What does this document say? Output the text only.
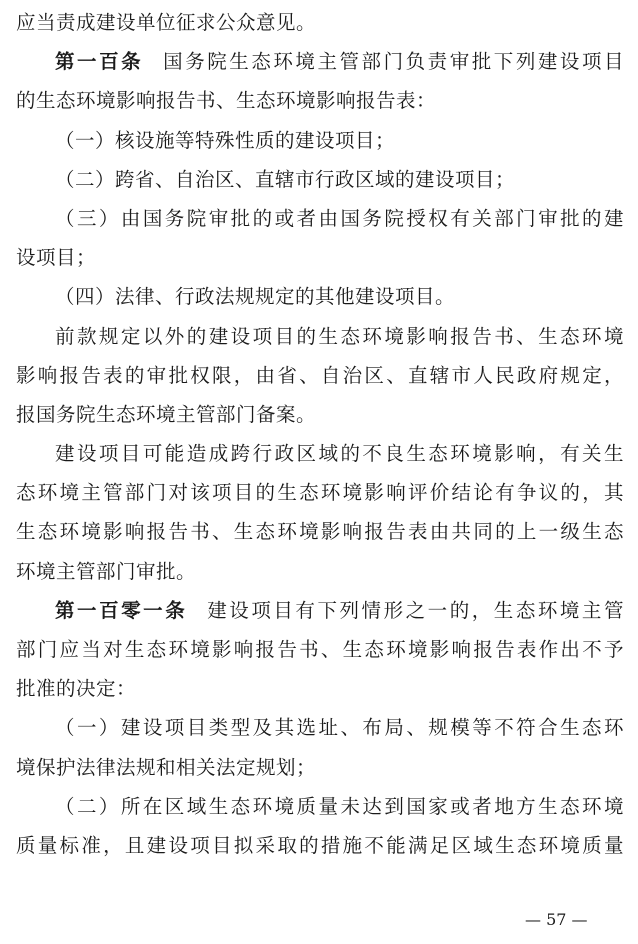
应当责成建设单位征求公众意见。
第一百条 国务院生态环境主管部门负责审批下列建设项目
的生态环境影响报告书、生态环境影响报告表：
（一）核设施等特殊性质的建设项目；
（二）跨省、自治区、直辖市行政区域的建设项目；
（三）由国务院审批的或者由国务院授权有关部门审批的建
设项目；
（四）法律、行政法规规定的其他建设项目。
前款规定以外的建设项目的生态环境影响报告书、生态环境
影响报告表的审批权限，由省、自治区、直辖市人民政府规定，
报国务院生态环境主管部门备案。
建设项目可能造成跨行政区域的不良生态环境影响，有关生
态环境主管部门对该项目的生态环境影响评价结论有争议的，其
生态环境影响报告书、生态环境影响报告表由共同的上一级生态
环境主管部门审批。
第一百零一条 建设项目有下列情形之一的，生态环境主管
部门应当对生态环境影响报告书、生态环境影响报告表作出不予
批准的决定：
（一）建设项目类型及其选址、布局、规模等不符合生态环
境保护法律法规和相关法定规划；
（二）所在区域生态环境质量未达到国家或者地方生态环境
质量标准，且建设项目拟采取的措施不能满足区域生态环境质量
— 57 —
